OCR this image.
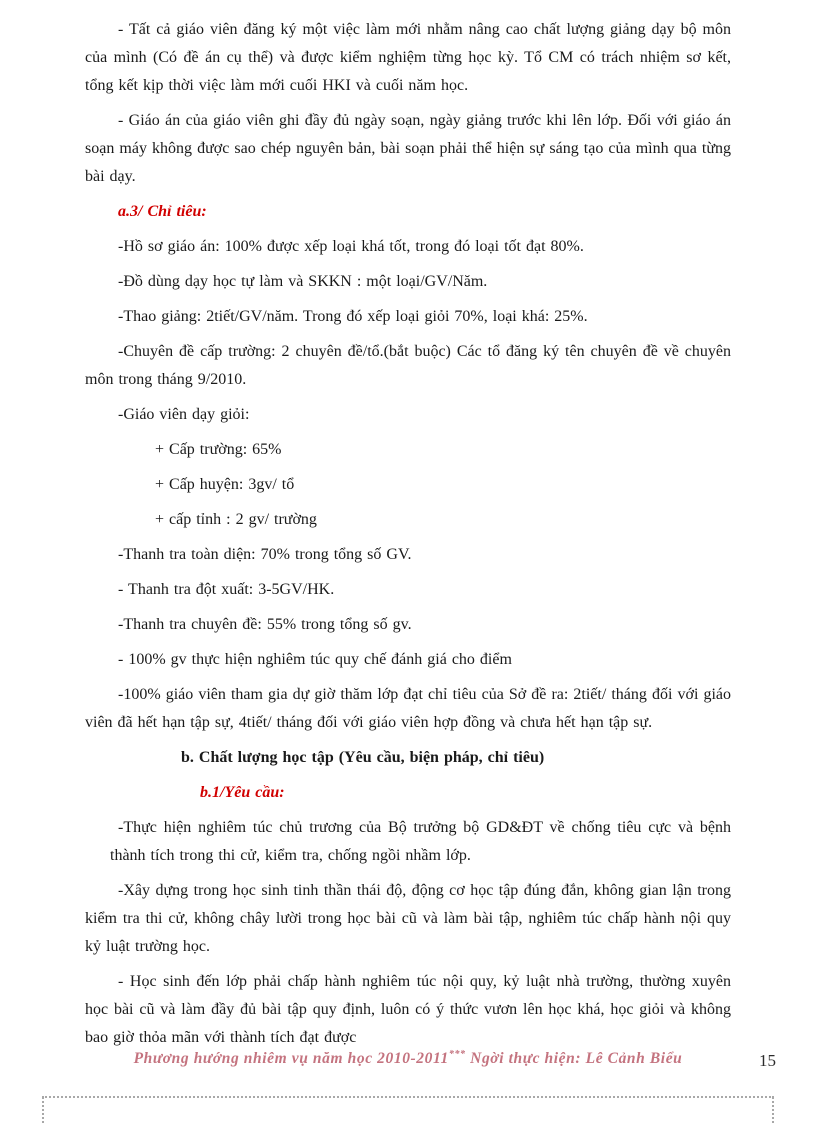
- Tất cả giáo viên đăng ký một việc làm mới nhằm nâng cao chất lượng giảng dạy bộ môn của mình (Có đề án cụ thể) và được kiểm nghiệm từng học kỳ. Tổ CM có trách nhiệm sơ kết, tổng kết kịp thời việc làm mới cuối HKI và cuối năm học.

- Giáo án của giáo viên ghi đầy đủ ngày soạn, ngày giảng trước khi lên lớp. Đối với giáo án soạn máy không được sao chép nguyên bản, bài soạn phải thể hiện sự sáng tạo của mình qua từng bài dạy.

a.3/ Chỉ tiêu:

-Hồ sơ giáo án: 100% được xếp loại khá tốt, trong đó loại tốt đạt 80%.

-Đồ dùng dạy học tự làm và SKKN : một loại/GV/Năm.

-Thao giảng: 2tiết/GV/năm. Trong đó xếp loại giỏi 70%, loại khá: 25%.

-Chuyên đề cấp trường: 2 chuyên đề/tổ.(bắt buộc) Các tổ đăng ký tên chuyên đề về chuyên môn trong tháng 9/2010.

-Giáo viên dạy giỏi:

+ Cấp trường: 65%

+ Cấp huyện: 3gv/ tổ

+ cấp tỉnh : 2 gv/ trường

-Thanh tra toàn diện: 70% trong tổng số GV.

- Thanh tra đột xuất: 3-5GV/HK.

-Thanh tra chuyên đề: 55% trong tổng số gv.

- 100% gv thực hiện nghiêm túc quy chế đánh giá cho điểm

-100% giáo viên tham gia dự giờ thăm lớp đạt chỉ tiêu của Sở đề ra: 2tiết/ tháng đối với giáo viên đã hết hạn tập sự, 4tiết/ tháng đối với giáo viên hợp đồng và chưa hết hạn tập sự.

b. Chất lượng học tập (Yêu cầu, biện pháp, chỉ tiêu)

b.1/Yêu cầu:

-Thực hiện nghiêm túc chủ trương của Bộ trưởng bộ GD&ĐT về chống tiêu cực và bệnh thành tích trong thi cử, kiểm tra, chống ngồi nhầm lớp.

-Xây dựng trong học sinh tinh thần thái độ, động cơ học tập đúng đắn, không gian lận trong kiểm tra thi cử, không chây lười trong học bài cũ và làm bài tập, nghiêm túc chấp hành nội quy kỷ luật trường học.

- Học sinh đến lớp phải chấp hành nghiêm túc nội quy, kỷ luật nhà trường, thường xuyên học bài cũ và làm đầy đủ bài tập quy định, luôn có ý thức vươn lên học khá, học giỏi và không bao giờ thỏa mãn với thành tích đạt được

Phương hướng nhiêm vụ năm học 2010-2011*** Ngời thực hiện: Lê Cảnh Biểu	15
